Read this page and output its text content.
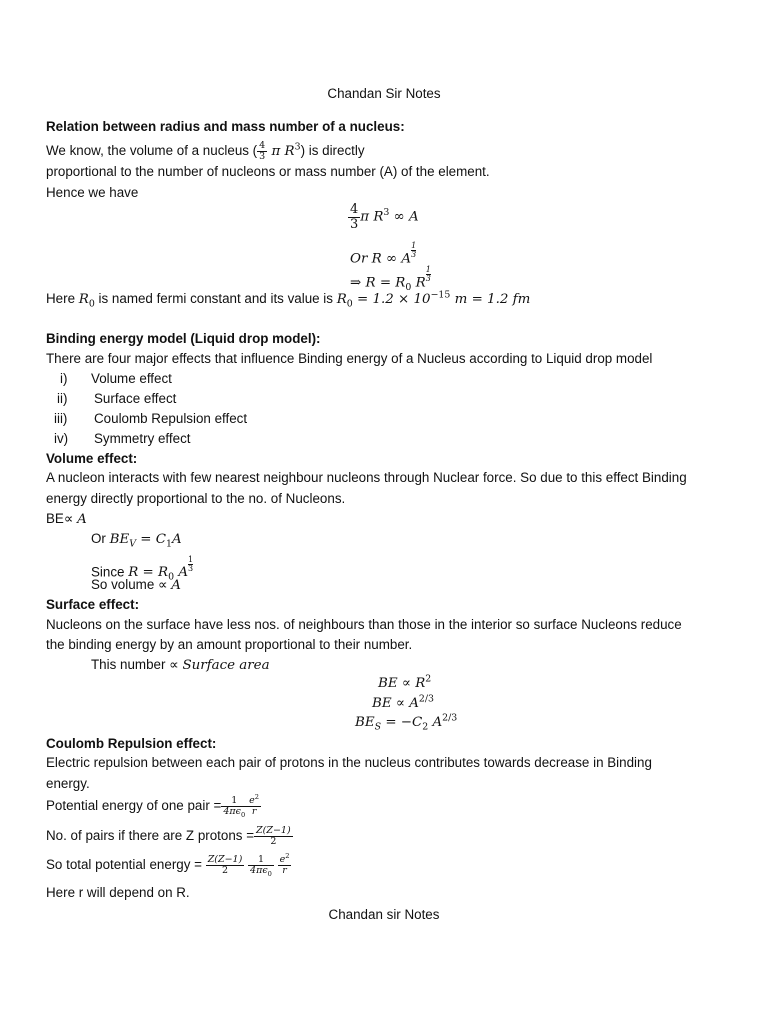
Chandan Sir Notes
Relation between radius and mass number of a nucleus:
We know, the volume of a nucleus ( $\frac{4}{3}$ π $R^3$) is directly
proportional to the number of nucleons or mass number (A) of the element.
Hence we have
$\frac{4}{3}$ π $R^3$ ∞ A
Or R ∞ A $\frac{1}{3}$
⇒ $R = R_0$ R $\frac{1}{3}$
Here $R_0$ is named fermi constant and its value is $R_0 = 1.2 \times 10^{-15}$ m = 1.2 fm
Binding energy model (Liquid drop model):
There are four major effects that influence Binding energy of a Nucleus according to Liquid drop model
i) Volume effect
ii) Surface effect
iii) Coulomb Repulsion effect
iv) Symmetry effect
Volume effect:
A nucleon interacts with few nearest neighbour nucleons through Nuclear force. So due to this effect Binding
energy directly proportional to the no. of Nucleons.
BE∝ A
Or $BE_V = C_1A$
Since $R = R_0$ A $\frac{1}{3}$
So volume ∝ A
Surface effect:
Nucleons on the surface have less nos. of neighbours than those in the interior so surface Nucleons reduce
the binding energy by an amount proportional to their number.
This number ∝ Surface area
BE ∝ $R^2$
BE ∝ $A^{2/3}$
$BE_S = -C_2$ $A^{2/3}$
Coulomb Repulsion effect:
Electric repulsion between each pair of protons in the nucleus contributes towards decrease in Binding
energy.
Potential energy of one pair = $\frac{1}{4\pi\epsilon_0} \frac{e^2}{r}$
No. of pairs if there are Z protons = $\frac{Z(Z-1)}{2}$
So total potential energy = $\frac{Z(Z-1)}{2}$
$\frac{1}{4\pi\epsilon_0}$
$\frac{e^2}{r}$
Here r will depend on R.
Chandan sir Notes
